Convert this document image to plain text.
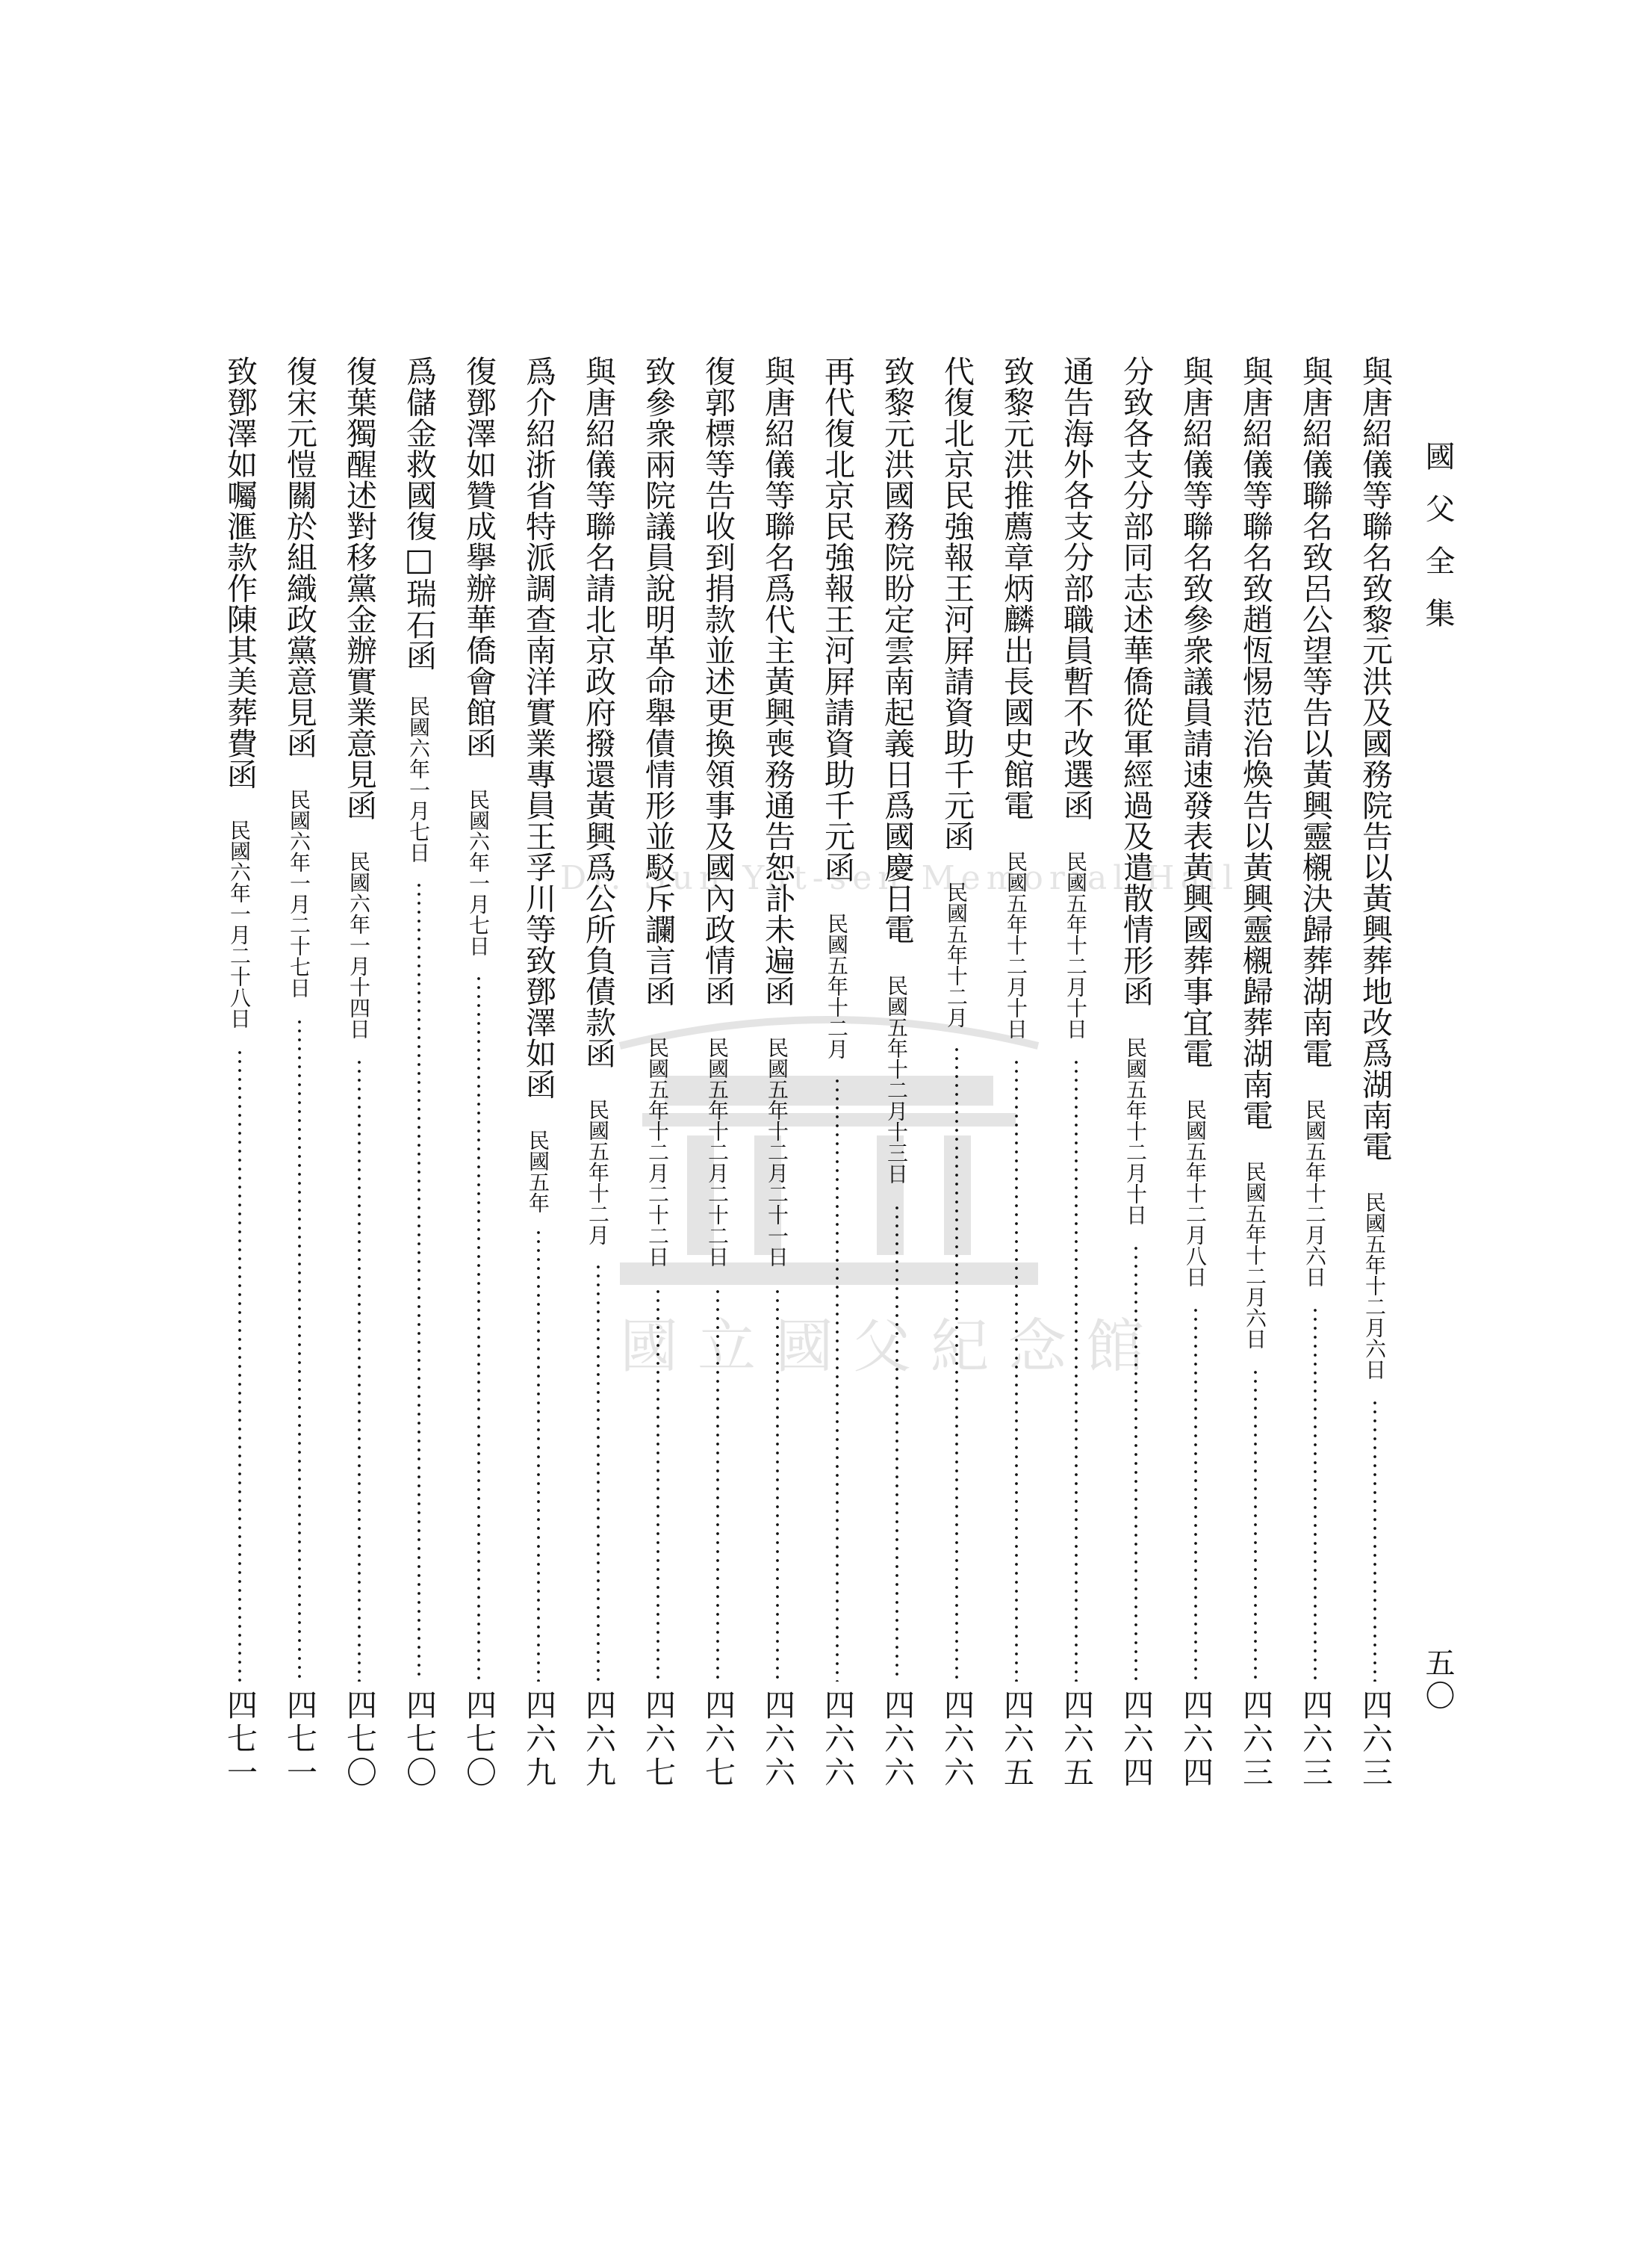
國立國父紀念館
Dr. Sun Yat-sen Memorial Hall
國父全集
五〇
與唐紹儀等聯名致黎元洪及國務院告以黃興葬地改爲湖南電
民國五年十二月六日
四六三
與唐紹儀聯名致呂公望等告以黃興靈櫬決歸葬湖南電
民國五年十二月六日
四六三
與唐紹儀等聯名致趙恆惕范治煥告以黃興靈櫬歸葬湖南電
民國五年十二月六日
四六三
與唐紹儀等聯名致參衆議員請速發表黃興國葬事宜電
民國五年十二月八日
四六四
分致各支分部同志述華僑從軍經過及遣散情形函
民國五年十二月十日
四六四
通告海外各支分部職員暫不改選函
民國五年十二月十日
四六五
致黎元洪推薦章炳麟出長國史館電
民國五年十二月十日
四六五
代復北京民強報王河屛請資助千元函
民國五年十二月
四六六
致黎元洪國務院盼定雲南起義日爲國慶日電
民國五年十二月十三日
四六六
再代復北京民強報王河屛請資助千元函
民國五年十二月
四六六
與唐紹儀等聯名爲代主黃興喪務通告恕訃未遍函
民國五年十二月二十一日
四六六
復郭標等告收到捐款並述更換領事及國內政情函
民國五年十二月二十二日
四六七
致參衆兩院議員說明革命舉債情形並駁斥讕言函
民國五年十二月二十二日
四六七
與唐紹儀等聯名請北京政府撥還黃興爲公所負債款函
民國五年十二月
四六九
爲介紹浙省特派調查南洋實業專員王孚川等致鄧澤如函
民國五年
四六九
復鄧澤如贊成擧辦華僑會館函
民國六年一月七日
四七〇
爲儲金救國復□瑞石函
民國六年一月七日
四七〇
復葉獨醒述對移黨金辦實業意見函
民國六年一月十四日
四七〇
復宋元愷關於組織政黨意見函
民國六年一月二十七日
四七一
致鄧澤如囑滙款作陳其美葬費函
民國六年一月二十八日
四七一
